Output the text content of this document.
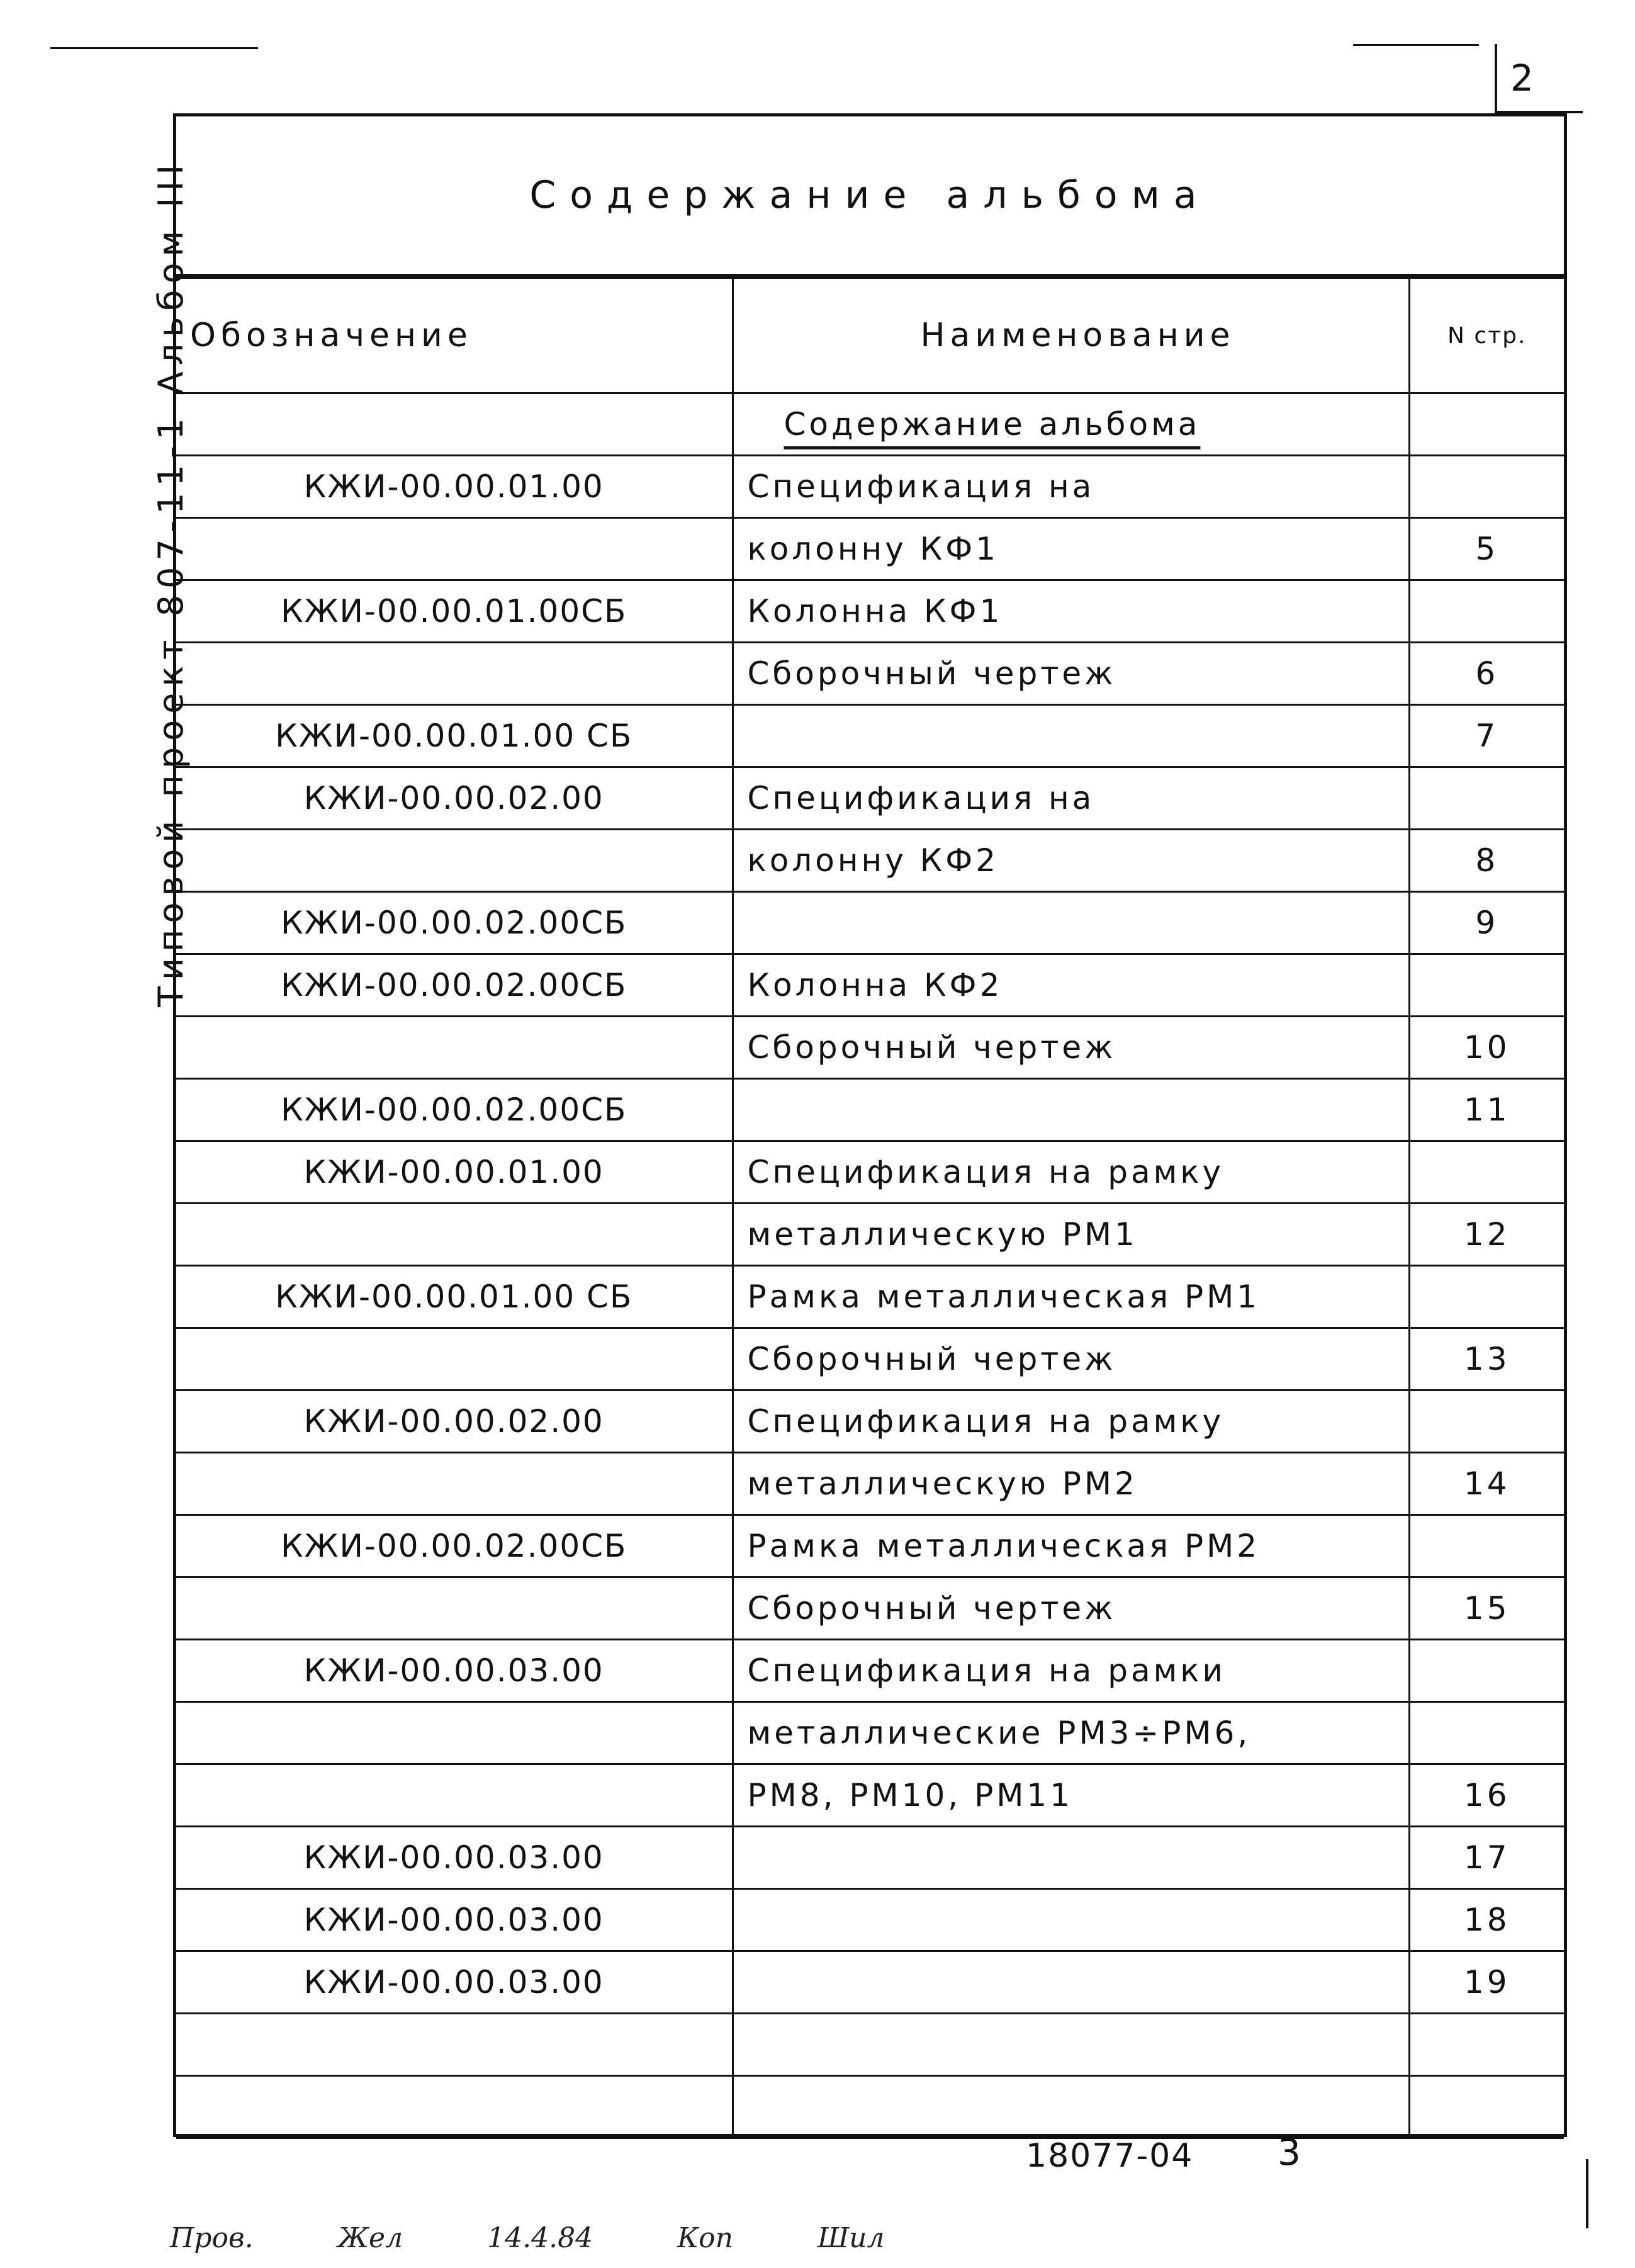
2
Типовой проект 807-11-1 Альбом III	Содержание альбома
Обозначение	Наименование	N стр.
	Содержание альбома	
КЖИ-00.00.01.00	Спецификация на	
	колонну КФ1	5
КЖИ-00.00.01.00СБ	Колонна КФ1	
	Сборочный чертеж	6
КЖИ-00.00.01.00 СБ		7
КЖИ-00.00.02.00	Спецификация на	
	колонну КФ2	8
КЖИ-00.00.02.00СБ		9
КЖИ-00.00.02.00СБ	Колонна КФ2	
	Сборочный чертеж	10
КЖИ-00.00.02.00СБ		11
КЖИ-00.00.01.00	Спецификация на рамку	
	металлическую РМ1	12
КЖИ-00.00.01.00 СБ	Рамка металлическая РМ1	
	Сборочный чертеж	13
КЖИ-00.00.02.00	Спецификация на рамку	
	металлическую РМ2	14
КЖИ-00.00.02.00СБ	Рамка металлическая РМ2	
	Сборочный чертеж	15
КЖИ-00.00.03.00	Спецификация на рамки	
	металлические РМ3÷РМ6,	
	РМ8, РМ10, РМ11	16
КЖИ-00.00.03.00		17
КЖИ-00.00.03.00		18
КЖИ-00.00.03.00		19

18077-04 3
Пров.	Жел	14.4.84	Коп	Шил
